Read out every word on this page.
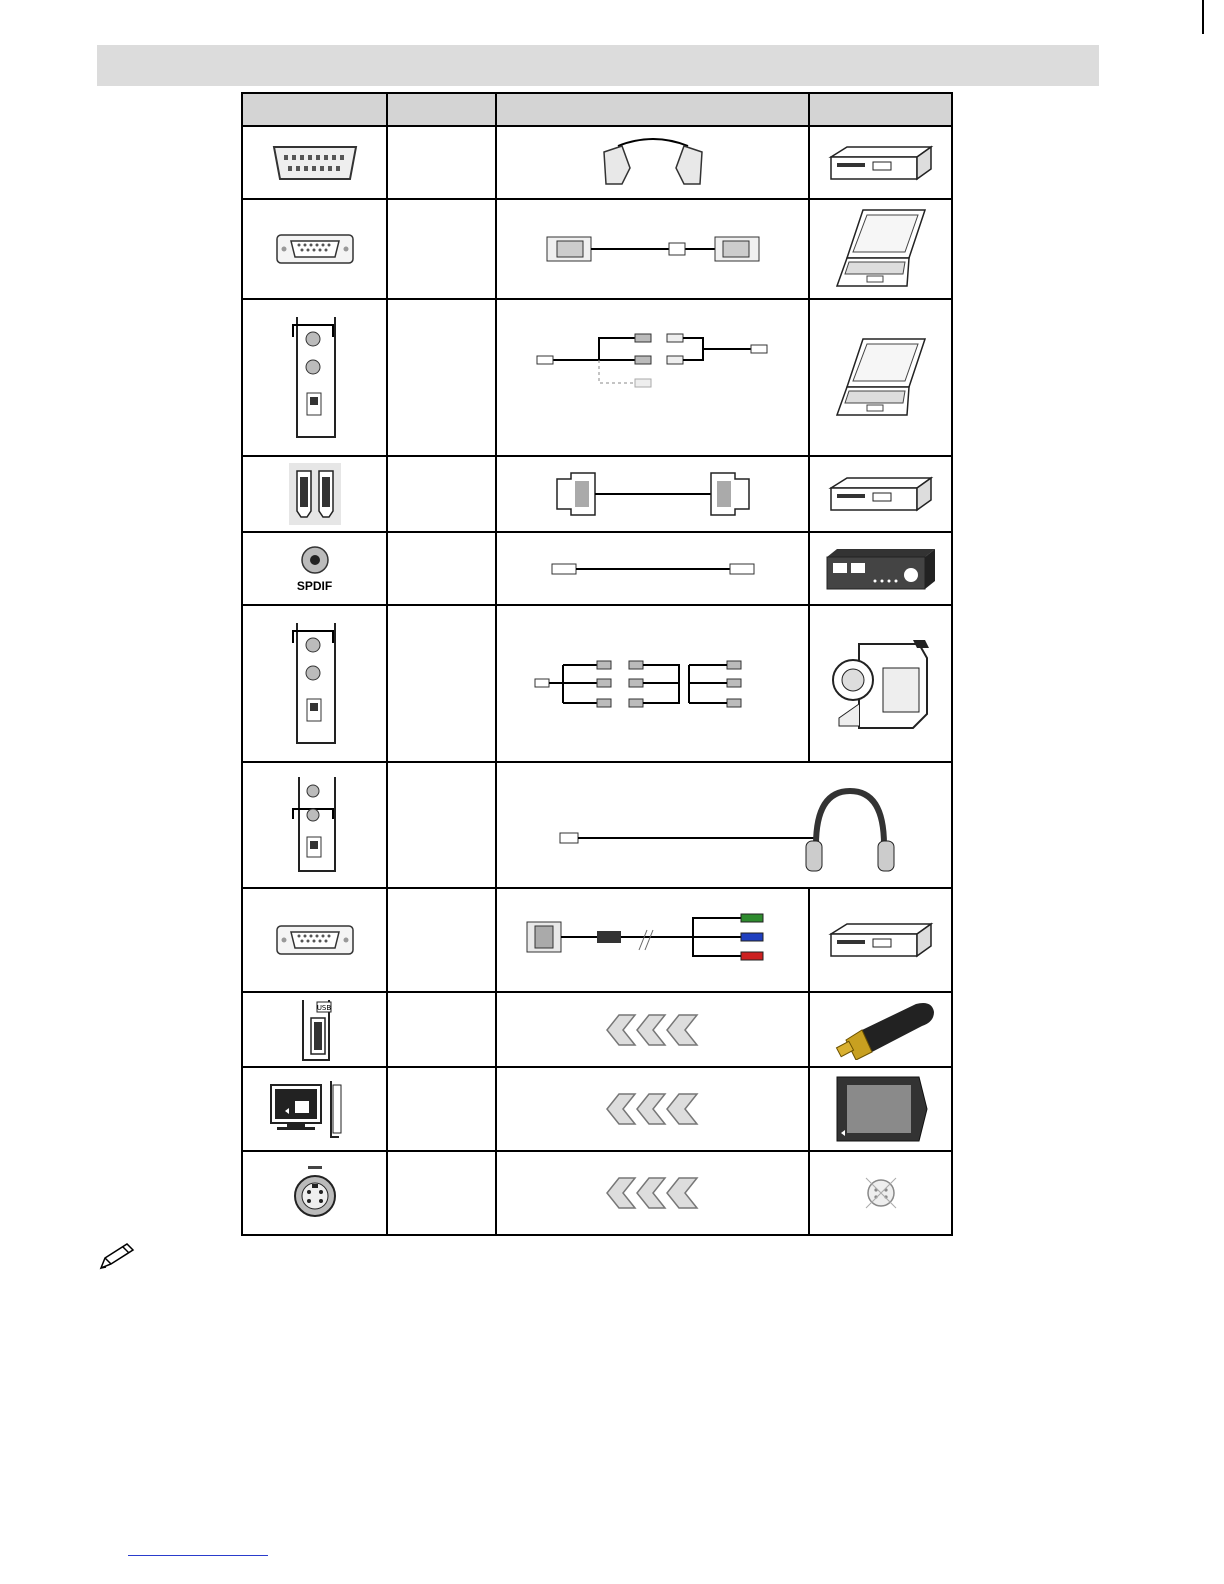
SPDIF

USB
